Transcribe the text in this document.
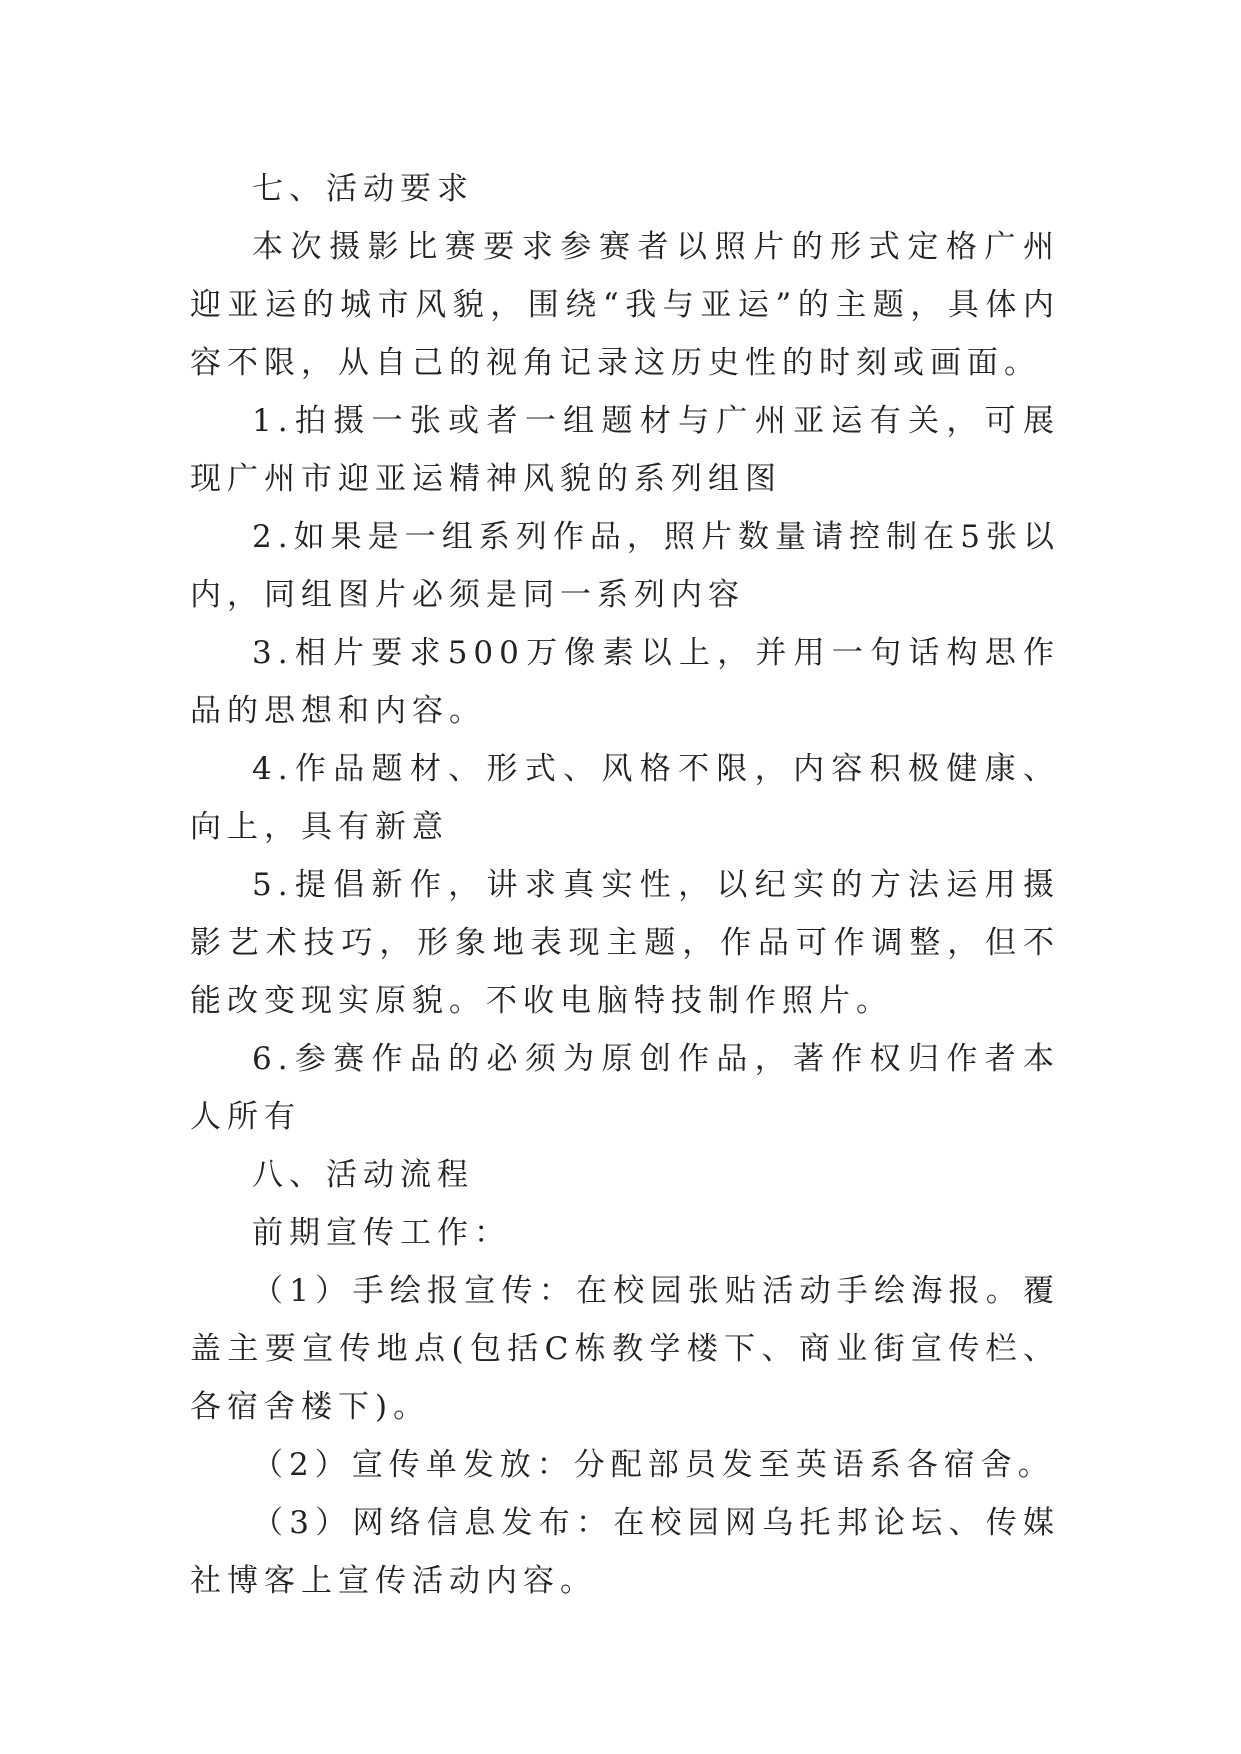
七、活动要求

本次摄影比赛要求参赛者以照片的形式定格广州迎亚运的城市风貌，围绕“我与亚运”的主题，具体内容不限，从自己的视角记录这历史性的时刻或画面。

1.拍摄一张或者一组题材与广州亚运有关，可展现广州市迎亚运精神风貌的系列组图

2.如果是一组系列作品，照片数量请控制在5张以内，同组图片必须是同一系列内容

3.相片要求500万像素以上，并用一句话构思作品的思想和内容。

4.作品题材、形式、风格不限，内容积极健康、向上，具有新意

5.提倡新作，讲求真实性，以纪实的方法运用摄影艺术技巧，形象地表现主题，作品可作调整，但不能改变现实原貌。不收电脑特技制作照片。

6.参赛作品的必须为原创作品，著作权归作者本人所有

八、活动流程

前期宣传工作：

（1）手绘报宣传：在校园张贴活动手绘海报。覆盖主要宣传地点(包括C栋教学楼下、商业街宣传栏、各宿舍楼下)。

（2）宣传单发放：分配部员发至英语系各宿舍。

（3）网络信息发布：在校园网乌托邦论坛、传媒社博客上宣传活动内容。
